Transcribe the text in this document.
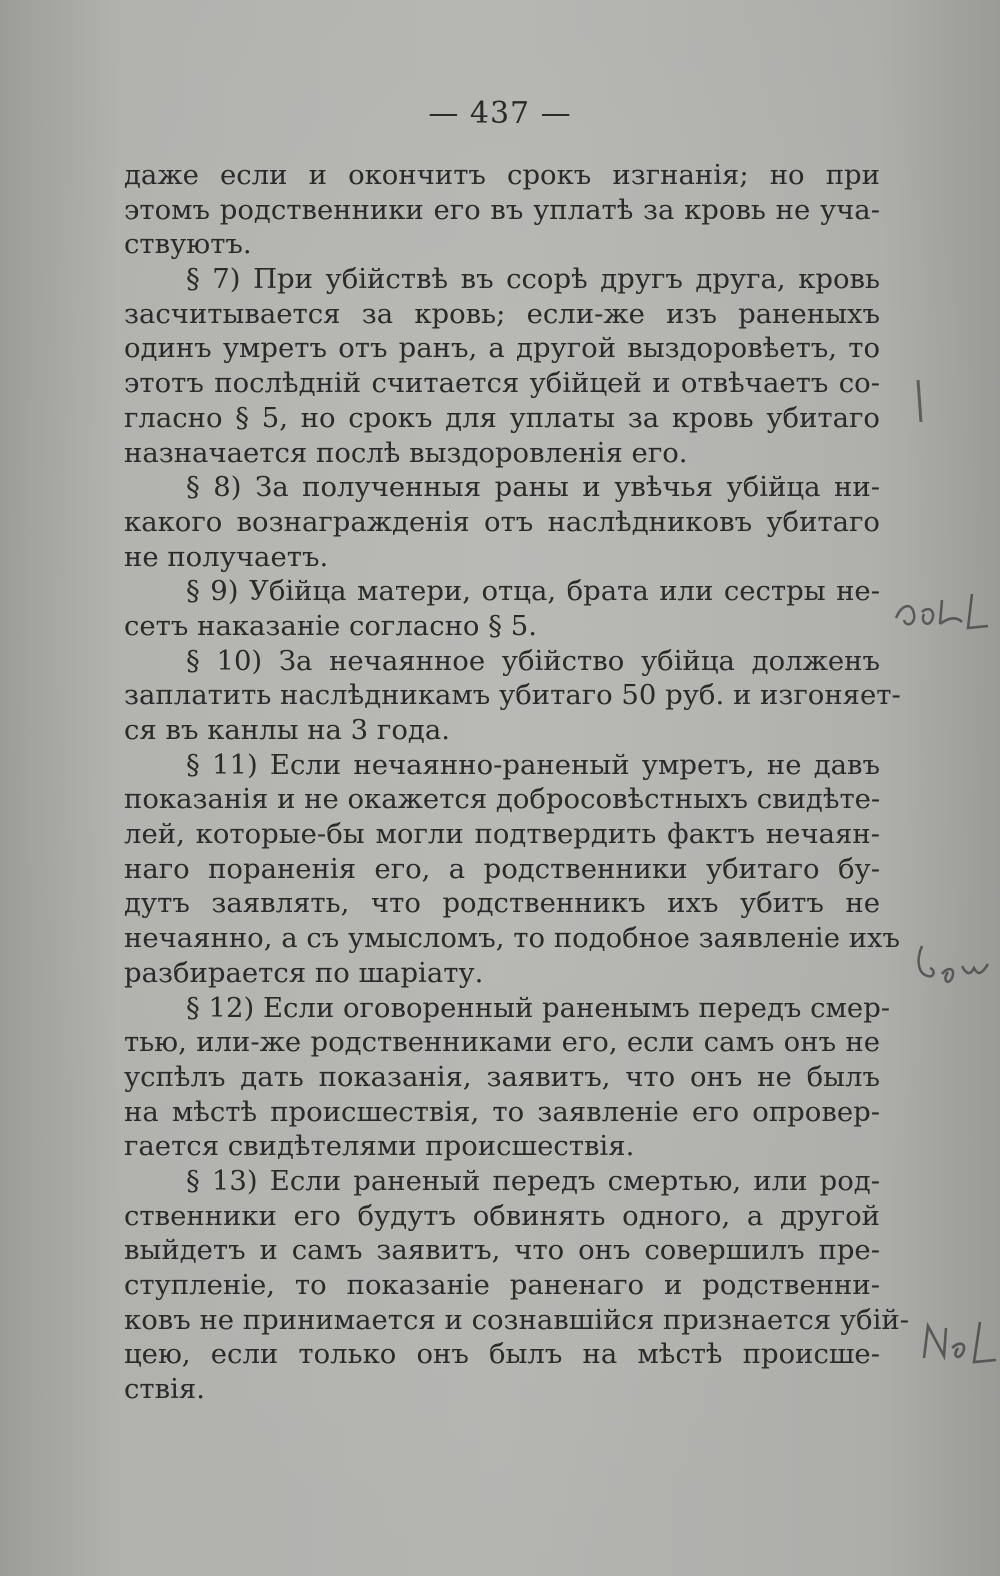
— 437 —
даже если и окончитъ срокъ изгнанія; но при
этомъ родственники его въ уплатѣ за кровь не уча-
ствуютъ.
§ 7) При убійствѣ въ ссорѣ другъ друга, кровь
засчитывается за кровь; если-же изъ раненыхъ
одинъ умретъ отъ ранъ, а другой выздоровѣетъ, то
этотъ послѣдній считается убійцей и отвѣчаетъ со-
гласно § 5, но срокъ для уплаты за кровь убитаго
назначается послѣ выздоровленія его.
§ 8) За полученныя раны и увѣчья убійца ни-
какого вознагражденія отъ наслѣдниковъ убитаго
не получаетъ.
§ 9) Убійца матери, отца, брата или сестры не-
сетъ наказаніе согласно § 5.
§ 10) За нечаянное убійство убійца долженъ
заплатить наслѣдникамъ убитаго 50 руб. и изгоняет-
ся въ канлы на 3 года.
§ 11) Если нечаянно-раненый умретъ, не давъ
показанія и не окажется добросовѣстныхъ свидѣте-
лей, которые-бы могли подтвердить фактъ нечаян-
наго пораненія его, а родственники убитаго бу-
дутъ заявлять, что родственникъ ихъ убитъ не
нечаянно, а съ умысломъ, то подобное заявленіе ихъ
разбирается по шаріату.
§ 12) Если оговоренный раненымъ передъ смер-
тью, или-же родственниками его, если самъ онъ не
успѣлъ дать показанія, заявитъ, что онъ не былъ
на мѣстѣ происшествія, то заявленіе его опровер-
гается свидѣтелями происшествія.
§ 13) Если раненый передъ смертью, или род-
ственники его будутъ обвинять одного, а другой
выйдетъ и самъ заявитъ, что онъ совершилъ пре-
ступленіе, то показаніе раненаго и родственни-
ковъ не принимается и сознавшійся признается убій-
цею, если только онъ былъ на мѣстѣ происше-
ствія.
